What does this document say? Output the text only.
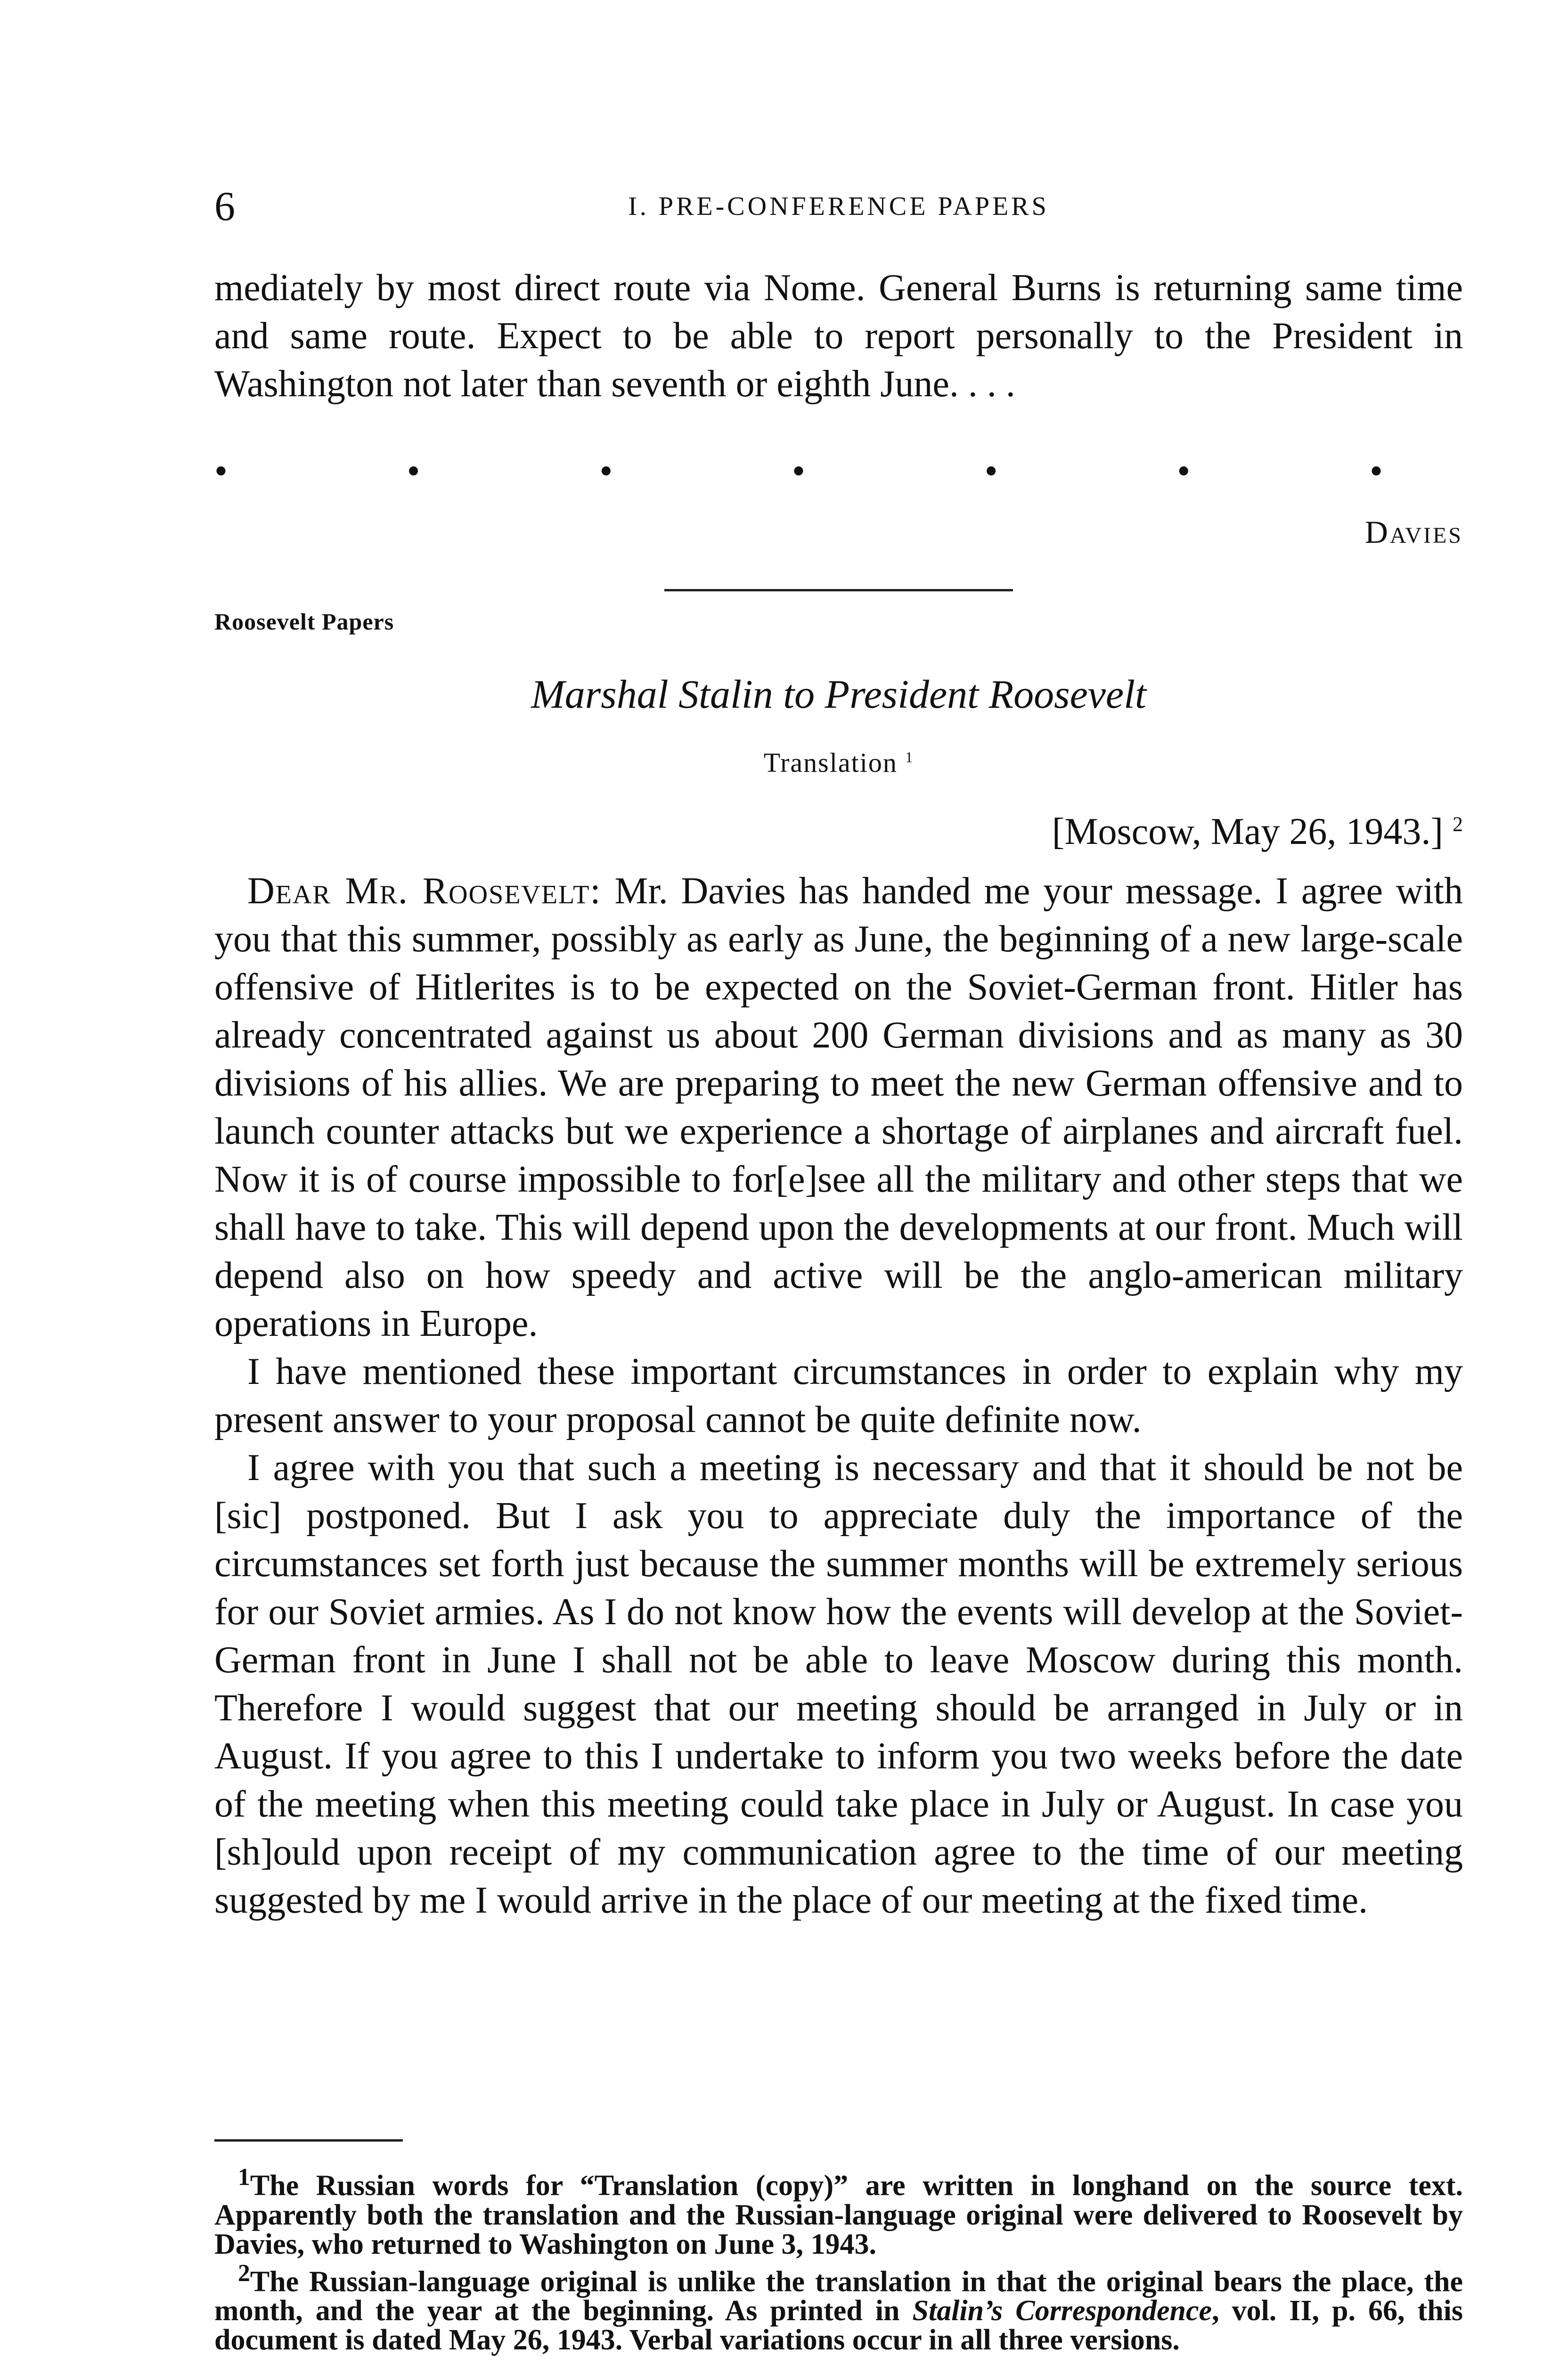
6	I. PRE-CONFERENCE PAPERS
mediately by most direct route via Nome. General Burns is returning same time and same route. Expect to be able to report personally to the President in Washington not later than seventh or eighth June. . . .
•	•	•	•	•	•	•
Davies
Roosevelt Papers
Marshal Stalin to President Roosevelt
Translation $^1$
[Moscow, May 26, 1943.] $^2$

Dear Mr. Roosevelt: Mr. Davies has handed me your message. I agree with you that this summer, possibly as early as June, the beginning of a new large-scale offensive of Hitlerites is to be expected on the Soviet-German front. Hitler has already concentrated against us about 200 German divisions and as many as 30 divisions of his allies. We are preparing to meet the new German offensive and to launch counter attacks but we experience a shortage of airplanes and aircraft fuel. Now it is of course impossible to for[e]see all the military and other steps that we shall have to take. This will depend upon the developments at our front. Much will depend also on how speedy and active will be the anglo-american military operations in Europe.

I have mentioned these important circumstances in order to explain why my present answer to your proposal cannot be quite definite now.

I agree with you that such a meeting is necessary and that it should be not be [sic] postponed. But I ask you to appreciate duly the importance of the circumstances set forth just because the summer months will be extremely serious for our Soviet armies. As I do not know how the events will develop at the Soviet-German front in June I shall not be able to leave Moscow during this month. Therefore I would suggest that our meeting should be arranged in July or in August. If you agree to this I undertake to inform you two weeks before the date of the meeting when this meeting could take place in July or August. In case you [sh]ould upon receipt of my communication agree to the time of our meeting suggested by me I would arrive in the place of our meeting at the fixed time.

$^1$The Russian words for “Translation (copy)” are written in longhand on the source text. Apparently both the translation and the Russian-language original were delivered to Roosevelt by Davies, who returned to Washington on June 3, 1943.

$^2$The Russian-language original is unlike the translation in that the original bears the place, the month, and the year at the beginning. As printed in Stalin’s Correspondence, vol. II, p. 66, this document is dated May 26, 1943. Verbal variations occur in all three versions.
